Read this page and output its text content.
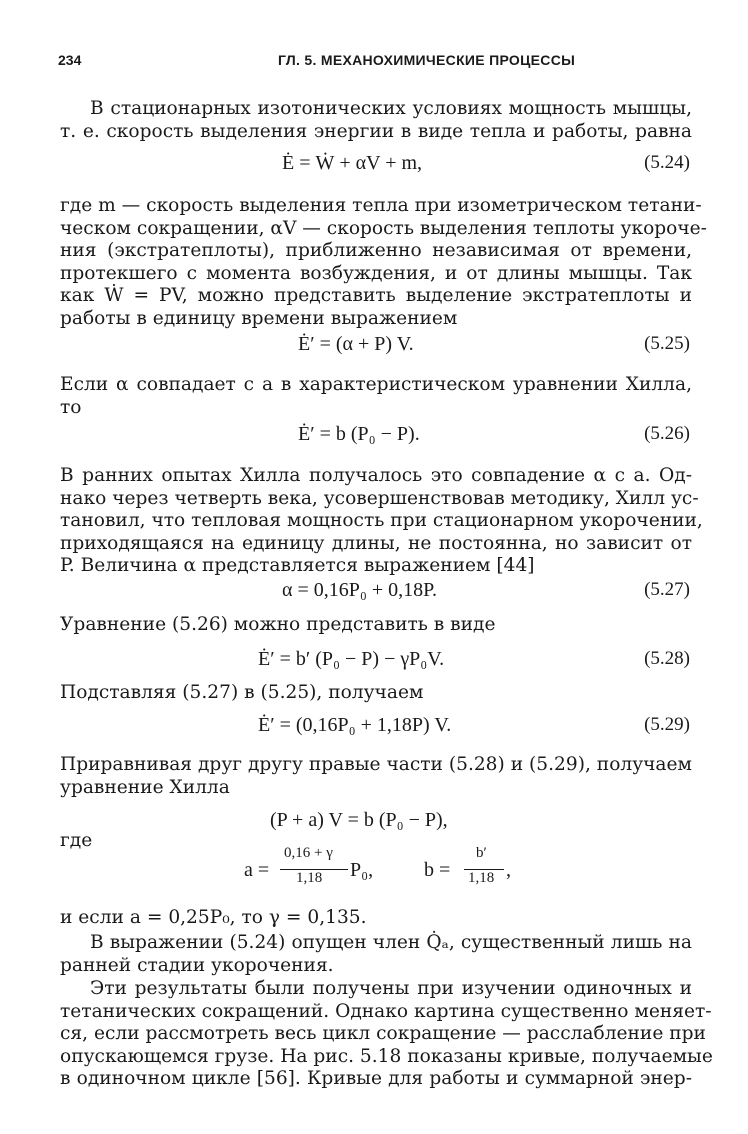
234	ГЛ. 5. МЕХАНОХИМИЧЕСКИЕ ПРОЦЕССЫ
В стационарных изотонических условиях мощность мышцы,
т. е. скорость выделения энергии в виде тепла и работы, равна
Ė = Ẇ + αV + m,	(5.24)
где m — скорость выделения тепла при изометрическом тетани-
ческом сокращении, αV — скорость выделения теплоты укороче-
ния (экстратеплоты), приближенно независимая от времени,
протекшего с момента возбуждения, и от длины мышцы. Так
как Ẇ = PV, можно представить выделение экстратеплоты и
работы в единицу времени выражением
Ė′ = (α + P) V.	(5.25)
Если α совпадает с a в характеристическом уравнении Хилла,
то
Ė′ = b (P₀ − P).	(5.26)
В ранних опытах Хилла получалось это совпадение α с a. Од-
нако через четверть века, усовершенствовав методику, Хилл ус-
тановил, что тепловая мощность при стационарном укорочении,
приходящаяся на единицу длины, не постоянна, но зависит от
P. Величина α представляется выражением [44]
α = 0,16P₀ + 0,18P.	(5.27)
Уравнение (5.26) можно представить в виде
Ė′ = b′ (P₀ − P) − γP₀V.	(5.28)
Подставляя (5.27) в (5.25), получаем
Ė′ = (0,16P₀ + 1,18P) V.	(5.29)
Приравнивая друг другу правые части (5.28) и (5.29), получаем
уравнение Хилла
(P + a) V = b (P₀ − P),
где
a =
0,16 + γ
1,18 P₀,	b =
b′
1,18 ,
и если a = 0,25P₀, то γ = 0,135.
В выражении (5.24) опущен член Q̇ₐ, существенный лишь на
ранней стадии укорочения.
Эти результаты были получены при изучении одиночных и
тетанических сокращений. Однако картина существенно меняет-
ся, если рассмотреть весь цикл сокращение — расслабление при
опускающемся грузе. На рис. 5.18 показаны кривые, получаемые
в одиночном цикле [56]. Кривые для работы и суммарной энер-
